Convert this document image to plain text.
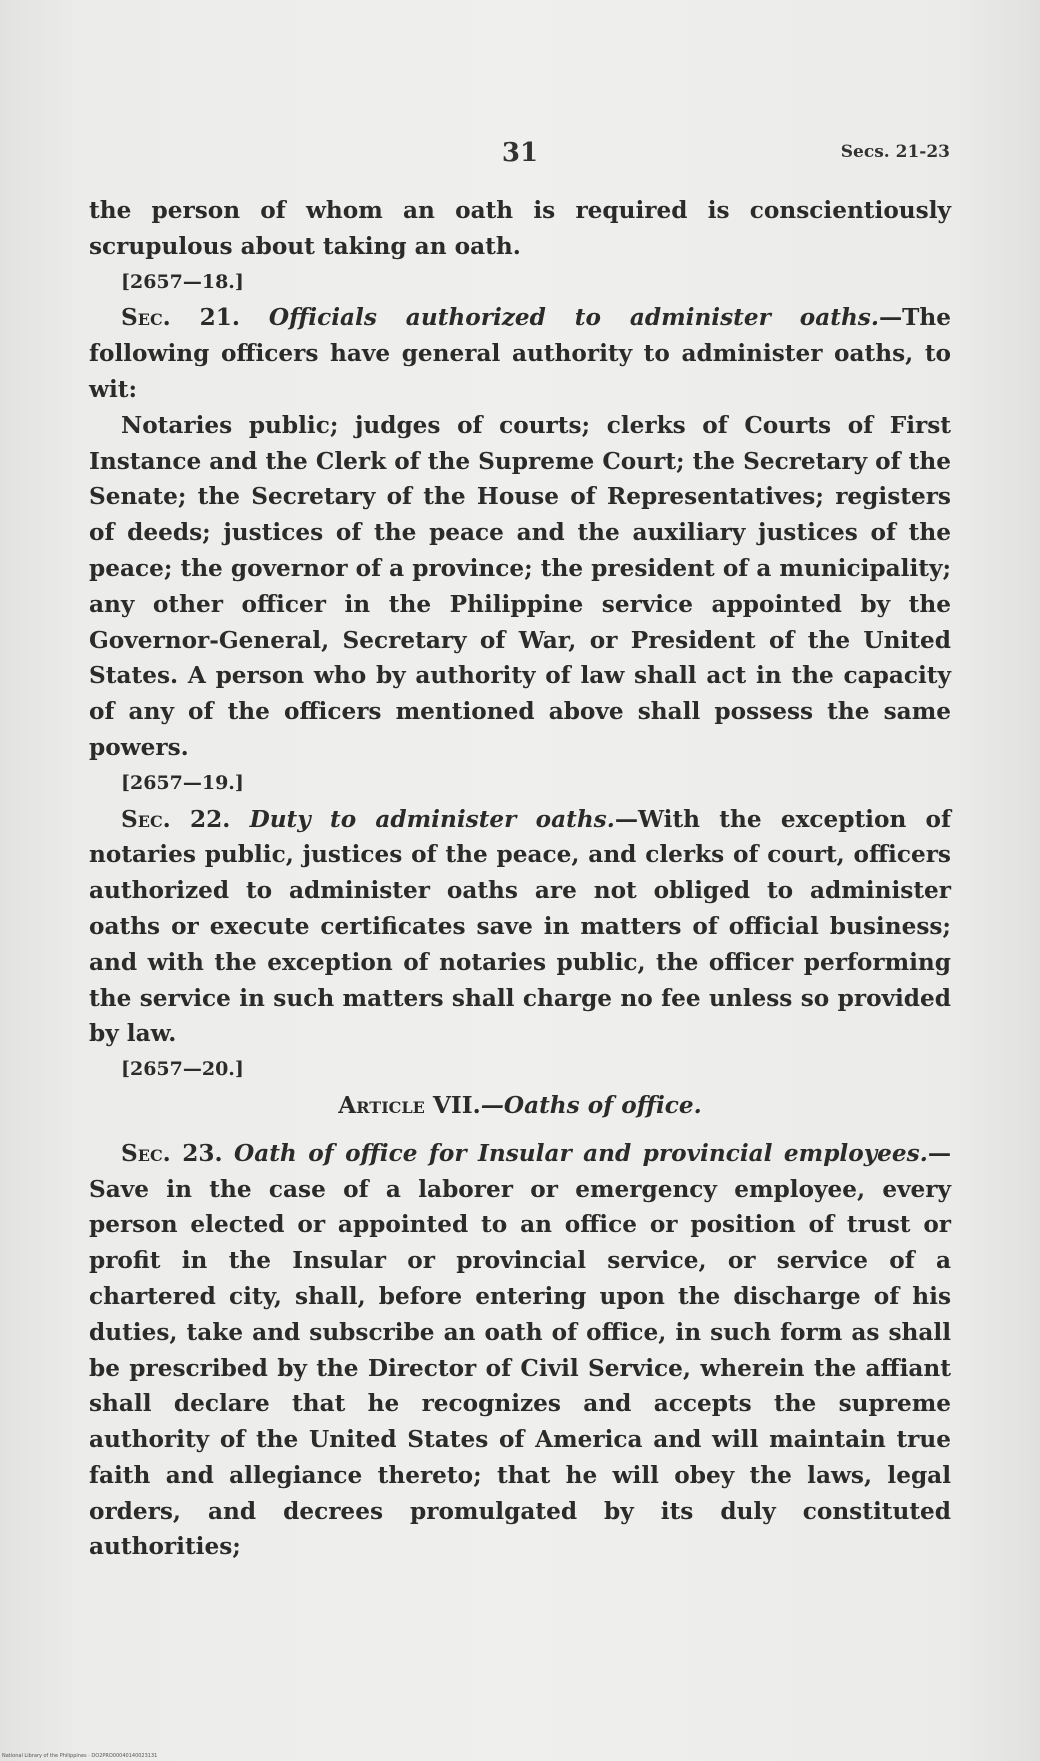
31	Secs. 21-23

the person of whom an oath is required is conscientiously scrupulous about taking an oath.

[2657—18.]

Sec. 21. Officials authorized to administer oaths.—The following officers have general authority to administer oaths, to wit:

Notaries public; judges of courts; clerks of Courts of First Instance and the Clerk of the Supreme Court; the Secretary of the Senate; the Secretary of the House of Representatives; registers of deeds; justices of the peace and the auxiliary justices of the peace; the governor of a province; the president of a municipality; any other officer in the Philippine service appointed by the Governor-General, Secretary of War, or President of the United States. A person who by authority of law shall act in the capacity of any of the officers mentioned above shall possess the same powers.

[2657—19.]

Sec. 22. Duty to administer oaths.—With the exception of notaries public, justices of the peace, and clerks of court, officers authorized to administer oaths are not obliged to administer oaths or execute certificates save in matters of official business; and with the exception of notaries public, the officer performing the service in such matters shall charge no fee unless so provided by law.

[2657—20.]

Article VII.—Oaths of office.

Sec. 23. Oath of office for Insular and provincial employees.—Save in the case of a laborer or emergency employee, every person elected or appointed to an office or position of trust or profit in the Insular or provincial service, or service of a chartered city, shall, before entering upon the discharge of his duties, take and subscribe an oath of office, in such form as shall be prescribed by the Director of Civil Service, wherein the affiant shall declare that he recognizes and accepts the supreme authority of the United States of America and will maintain true faith and allegiance thereto; that he will obey the laws, legal orders, and decrees promulgated by its duly constituted authorities;

National Library of the Philippines · DO2PRO00040140023131
